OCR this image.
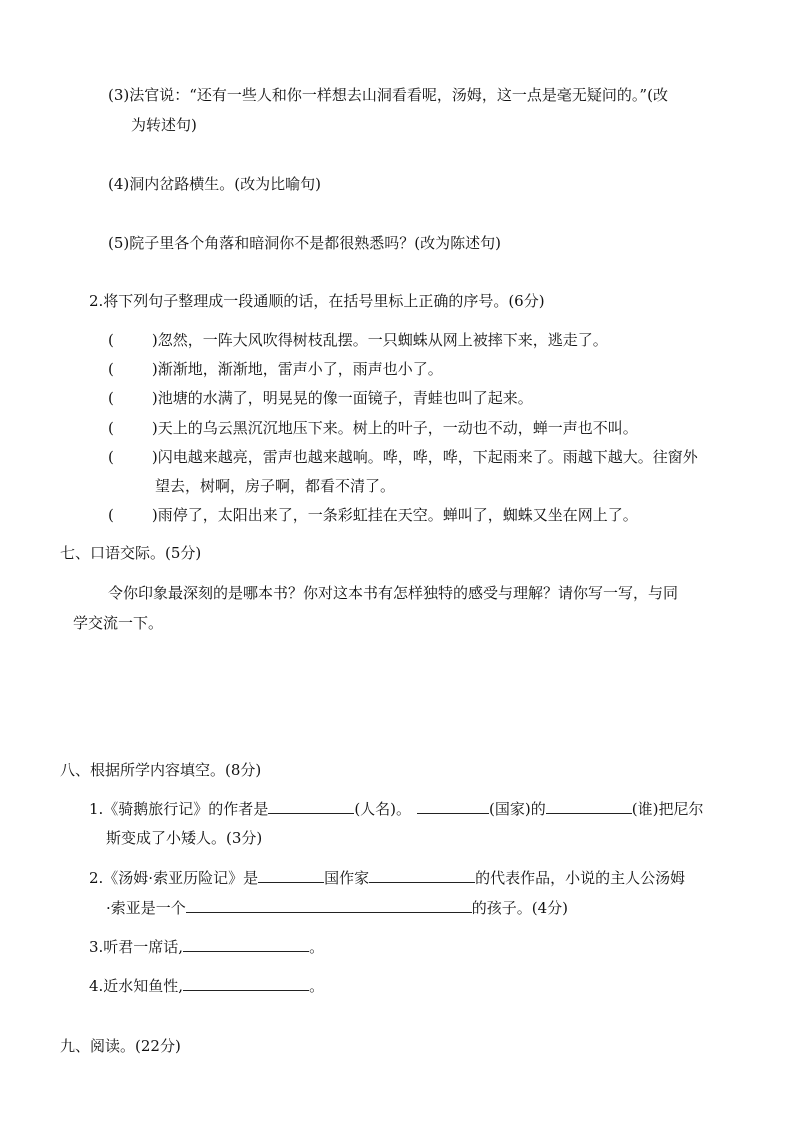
(3)法官说：“还有一些人和你一样想去山洞看看呢，汤姆，这一点是毫无疑问的。”(改
为转述句)
(4)洞内岔路横生。(改为比喻句)
(5)院子里各个角落和暗洞你不是都很熟悉吗？(改为陈述句)
2.将下列句子整理成一段通顺的话，在括号里标上正确的序号。(6分)
(	)忽然，一阵大风吹得树枝乱摆。一只蜘蛛从网上被摔下来，逃走了。
(	)渐渐地，渐渐地，雷声小了，雨声也小了。
(	)池塘的水满了，明晃晃的像一面镜子，青蛙也叫了起来。
(	)天上的乌云黑沉沉地压下来。树上的叶子，一动也不动，蝉一声也不叫。
(	)闪电越来越亮，雷声也越来越响。哗，哗，哗，下起雨来了。雨越下越大。往窗外
望去，树啊，房子啊，都看不清了。
(	)雨停了，太阳出来了，一条彩虹挂在天空。蝉叫了，蜘蛛又坐在网上了。
七、口语交际。(5分)
令你印象最深刻的是哪本书？你对这本书有怎样独特的感受与理解？请你写一写，与同
学交流一下。
八、根据所学内容填空。(8分)
1.《骑鹅旅行记》的作者是	(人名)。	(国家)的	(谁)把尼尔
斯变成了小矮人。(3分)
2.《汤姆·索亚历险记》是	国作家	的代表作品，小说的主人公汤姆
·索亚是一个	的孩子。(4分)
3.听君一席话,	。
4.近水知鱼性,	。
九、阅读。(22分)
